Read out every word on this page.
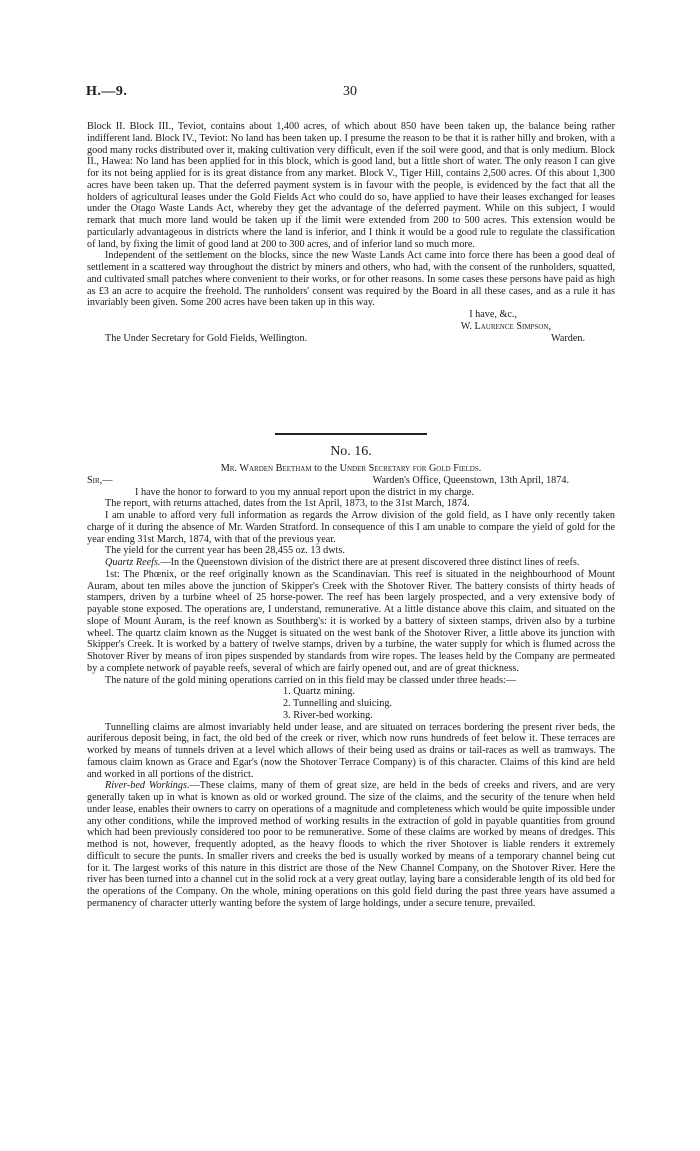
H.—9.	30

Block II. Block III., Teviot, contains about 1,400 acres, of which about 850 have been taken up, the balance being rather indifferent land. Block IV., Teviot: No land has been taken up. I presume the reason to be that it is rather hilly and broken, with a good many rocks distributed over it, making cultivation very difficult, even if the soil were good, and that is only medium. Block II., Hawea: No land has been applied for in this block, which is good land, but a little short of water. The only reason I can give for its not being applied for is its great distance from any market. Block V., Tiger Hill, contains 2,500 acres. Of this about 1,300 acres have been taken up. That the deferred payment system is in favour with the people, is evidenced by the fact that all the holders of agricultural leases under the Gold Fields Act who could do so, have applied to have their leases exchanged for leases under the Otago Waste Lands Act, whereby they get the advantage of the deferred payment. While on this subject, I would remark that much more land would be taken up if the limit were extended from 200 to 500 acres. This extension would be particularly advantageous in districts where the land is inferior, and I think it would be a good rule to regulate the classification of land, by fixing the limit of good land at 200 to 300 acres, and of inferior land so much more.

Independent of the settlement on the blocks, since the new Waste Lands Act came into force there has been a good deal of settlement in a scattered way throughout the district by miners and others, who had, with the consent of the runholders, squatted, and cultivated small patches where convenient to their works, or for other reasons. In some cases these persons have paid as high as £3 an acre to acquire the freehold. The runholders' consent was required by the Board in all these cases, and as a rule it has invariably been given. Some 200 acres have been taken up in this way.

I have, &c.,

W. Laurence Simpson,

The Under Secretary for Gold Fields, Wellington.	Warden.

No. 16.

Mr. Warden Beetham to the Under Secretary for Gold Fields.

Sir,—	Warden's Office, Queenstown, 13th April, 1874.

I have the honor to forward to you my annual report upon the district in my charge.

The report, with returns attached, dates from the 1st April, 1873, to the 31st March, 1874.

I am unable to afford very full information as regards the Arrow division of the gold field, as I have only recently taken charge of it during the absence of Mr. Warden Stratford. In consequence of this I am unable to compare the yield of gold for the year ending 31st March, 1874, with that of the previous year.

The yield for the current year has been 28,455 oz. 13 dwts.

Quartz Reefs.—In the Queenstown division of the district there are at present discovered three distinct lines of reefs.

1st: The Phœnix, or the reef originally known as the Scandinavian. This reef is situated in the neighbourhood of Mount Auram, about ten miles above the junction of Skipper's Creek with the Shotover River. The battery consists of thirty heads of stampers, driven by a turbine wheel of 25 horse-power. The reef has been largely prospected, and a very extensive body of payable stone exposed. The operations are, I understand, remunerative. At a little distance above this claim, and situated on the slope of Mount Auram, is the reef known as Southberg's: it is worked by a battery of sixteen stamps, driven also by a turbine wheel. The quartz claim known as the Nugget is situated on the west bank of the Shotover River, a little above its junction with Skipper's Creek. It is worked by a battery of twelve stamps, driven by a turbine, the water supply for which is flumed across the Shotover River by means of iron pipes suspended by standards from wire ropes. The leases held by the Company are permeated by a complete network of payable reefs, several of which are fairly opened out, and are of great thickness.

The nature of the gold mining operations carried on in this field may be classed under three heads:—

1. Quartz mining.

2. Tunnelling and sluicing.

3. River-bed working.

Tunnelling claims are almost invariably held under lease, and are situated on terraces bordering the present river beds, the auriferous deposit being, in fact, the old bed of the creek or river, which now runs hundreds of feet below it. These terraces are worked by means of tunnels driven at a level which allows of their being used as drains or tail-races as well as tramways. The famous claim known as Grace and Egar's (now the Shotover Terrace Company) is of this character. Claims of this kind are held and worked in all portions of the district.

River-bed Workings.—These claims, many of them of great size, are held in the beds of creeks and rivers, and are very generally taken up in what is known as old or worked ground. The size of the claims, and the security of the tenure when held under lease, enables their owners to carry on operations of a magnitude and completeness which would be quite impossible under any other conditions, while the improved method of working results in the extraction of gold in payable quantities from ground which had been previously considered too poor to be remunerative. Some of these claims are worked by means of dredges. This method is not, however, frequently adopted, as the heavy floods to which the river Shotover is liable renders it extremely difficult to secure the punts. In smaller rivers and creeks the bed is usually worked by means of a temporary channel being cut for it. The largest works of this nature in this district are those of the New Channel Company, on the Shotover River. Here the river has been turned into a channel cut in the solid rock at a very great outlay, laying bare a considerable length of its old bed for the operations of the Company. On the whole, mining operations on this gold field during the past three years have assumed a permanency of character utterly wanting before the system of large holdings, under a secure tenure, prevailed.
